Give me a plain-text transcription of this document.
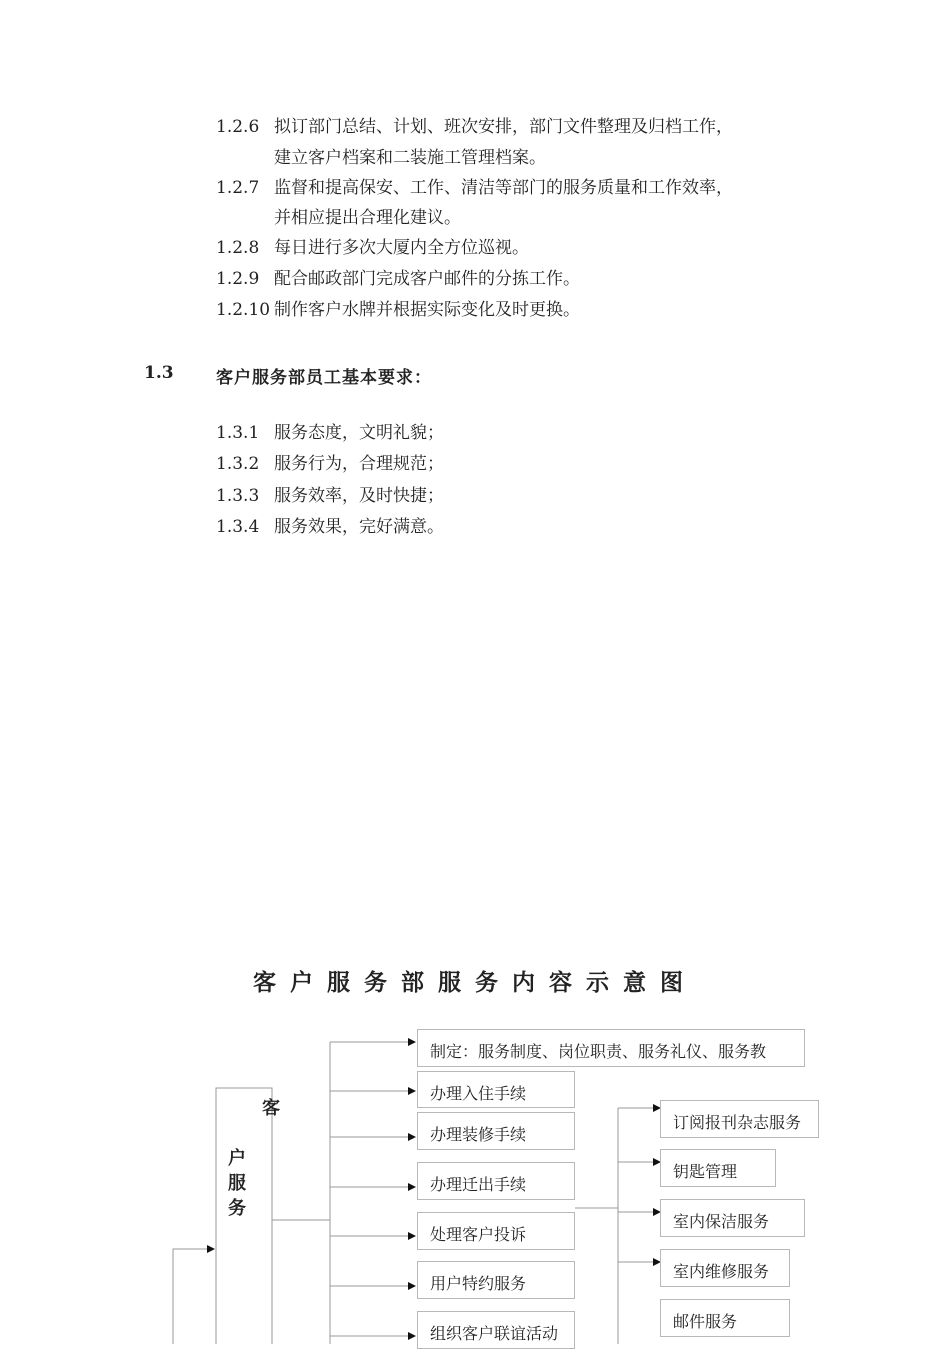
1.2.6 拟订部门总结、计划、班次安排，部门文件整理及归档工作，
建立客户档案和二装施工管理档案。
1.2.7 监督和提高保安、工作、清洁等部门的服务质量和工作效率，
并相应提出合理化建议。
1.2.8 每日进行多次大厦内全方位巡视。
1.2.9 配合邮政部门完成客户邮件的分拣工作。
1.2.10 制作客户水牌并根据实际变化及时更换。
1.3 客户服务部员工基本要求：
1.3.1 服务态度，文明礼貌；
1.3.2 服务行为，合理规范；
1.3.3 服务效率，及时快捷；
1.3.4 服务效果，完好满意。
客户服务部服务内容示意图
客
户
服
务
制定：服务制度、岗位职责、服务礼仪、服务教
办理入住手续
办理装修手续
办理迁出手续
处理客户投诉
用户特约服务
组织客户联谊活动
订阅报刊杂志服务
钥匙管理
室内保洁服务
室内维修服务
邮件服务
